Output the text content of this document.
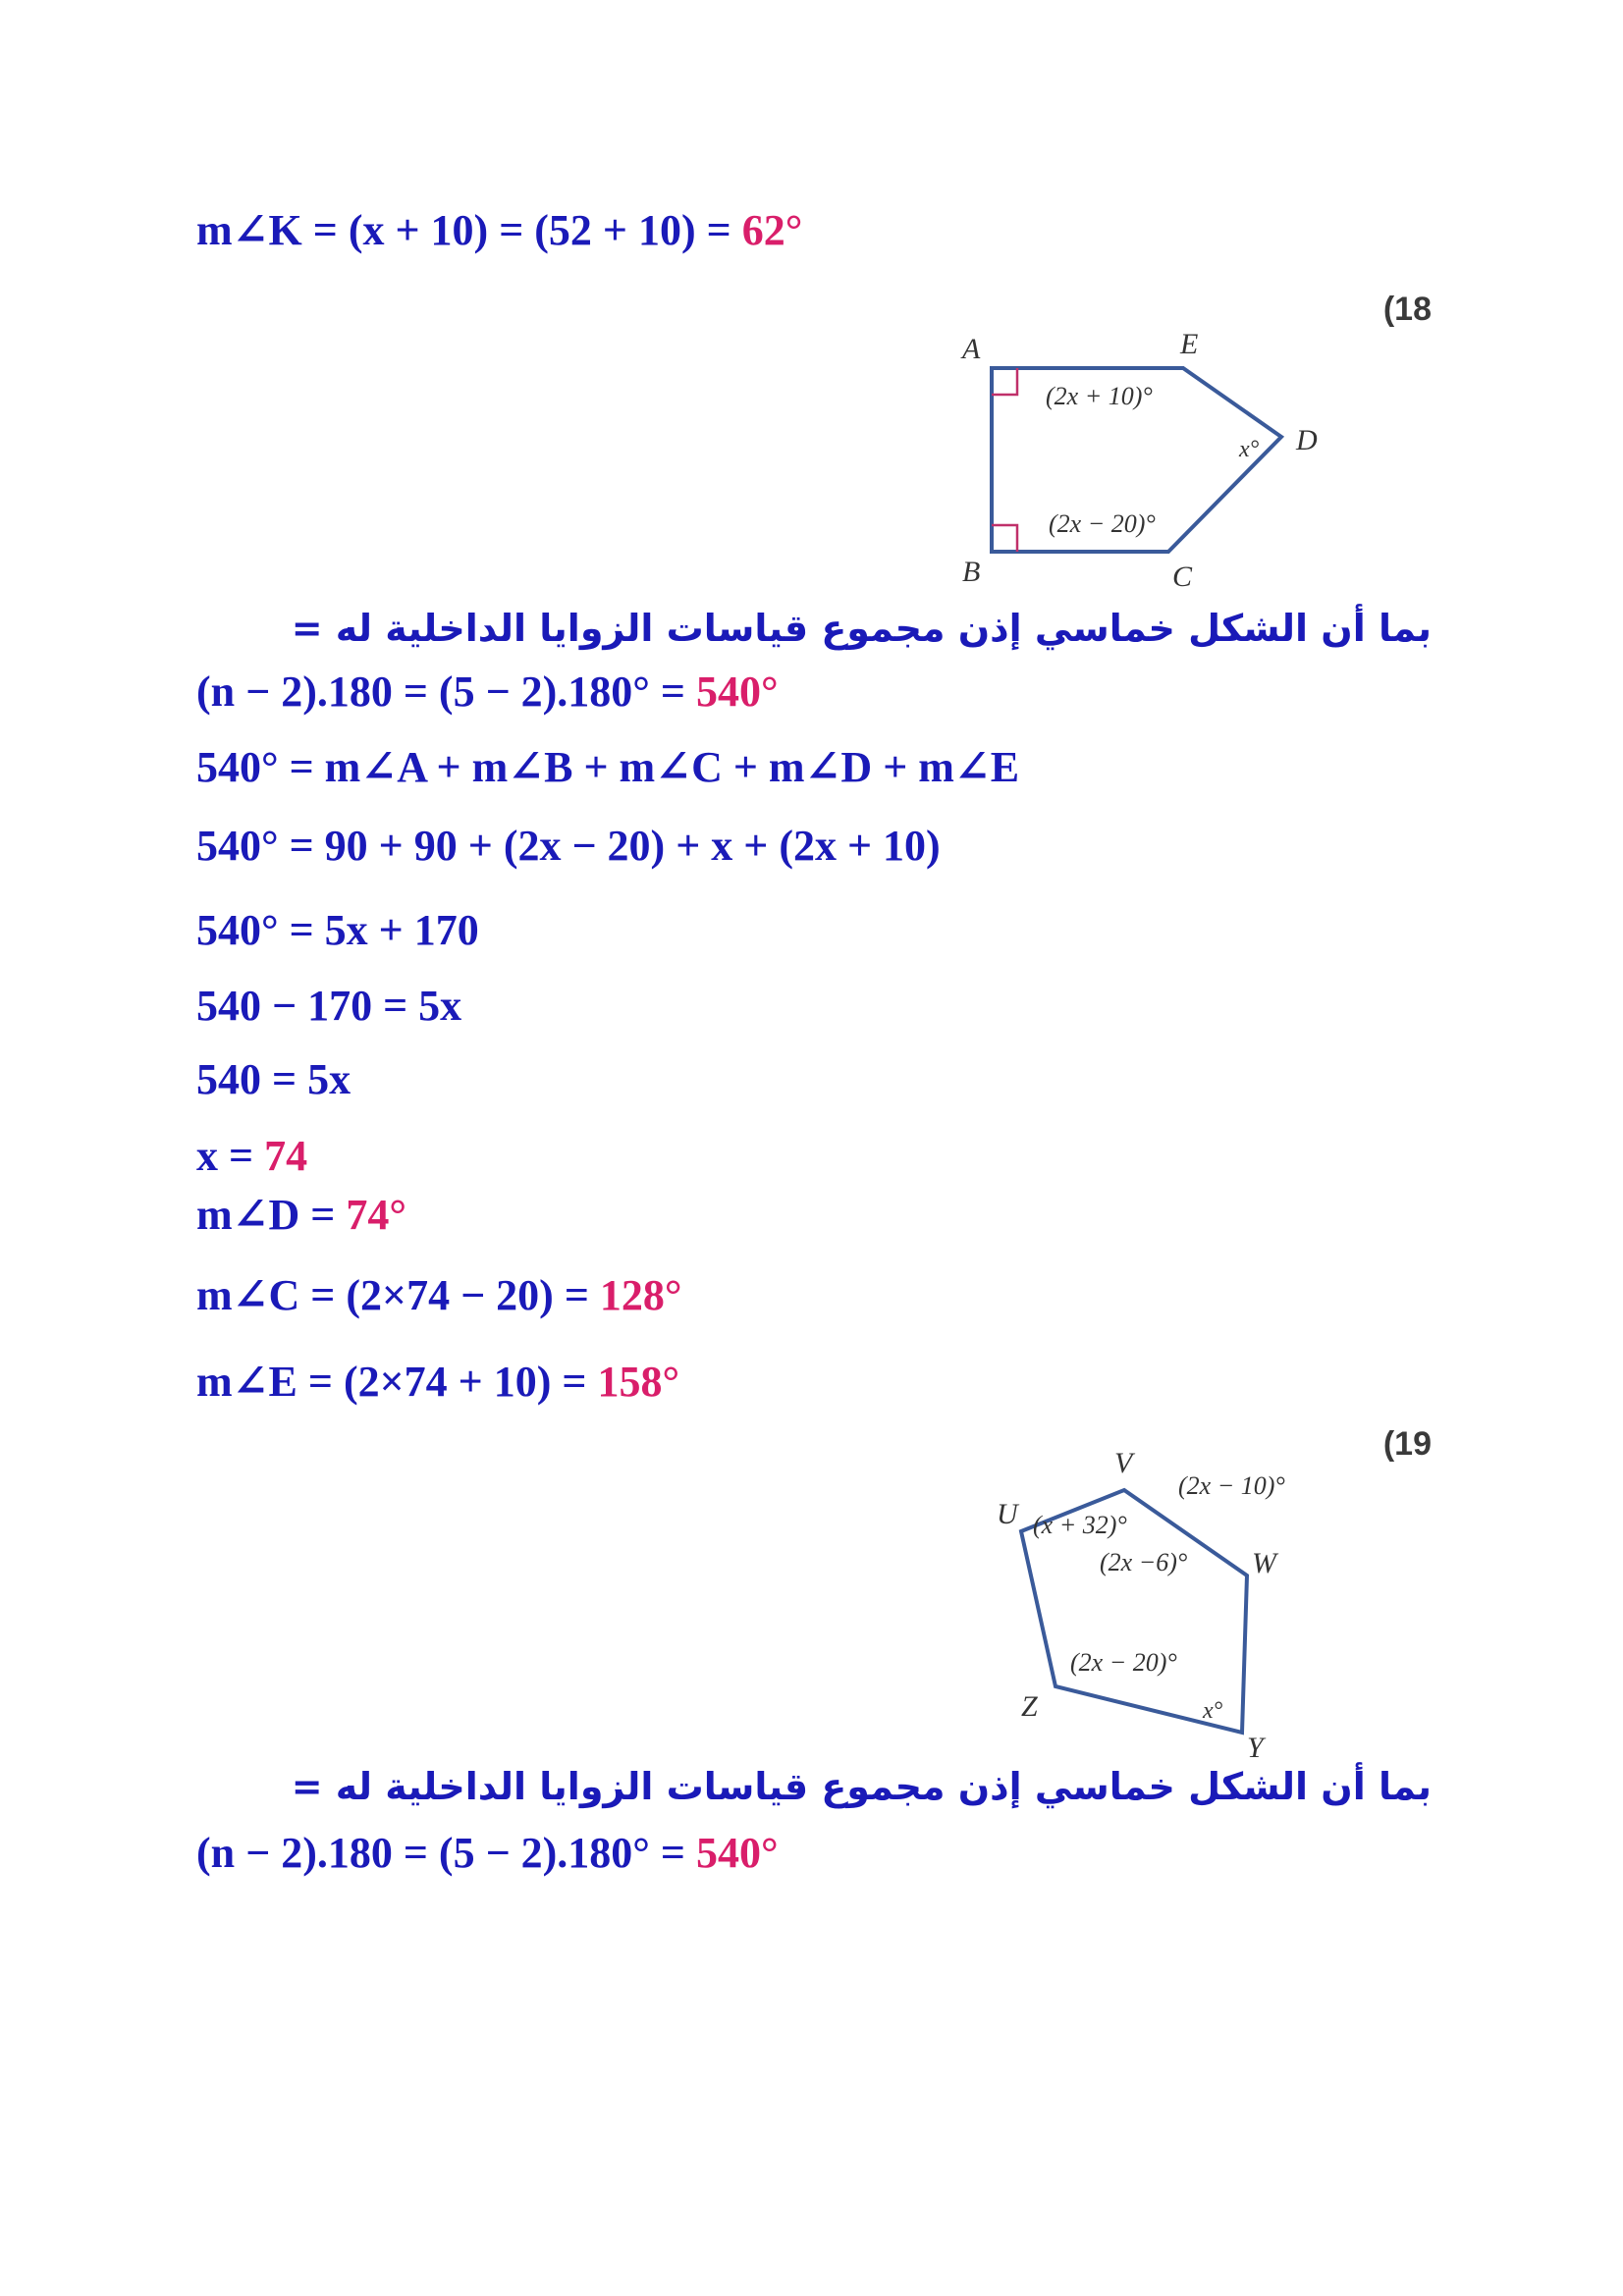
m∠K = (x + 10) = (52 + 10) = 62°
(18
A	E
D
B	C
(2x + 10)°
x°
(2x − 20)°
بما أن الشكل خماسي إذن مجموع قياسات الزوايا الداخلية له =
(n − 2).180 = (5 − 2).180° = 540°
540° = m∠A + m∠B + m∠C + m∠D + m∠E
540° = 90 + 90 + (2x − 20) + x + (2x + 10)
540° = 5x + 170
540 − 170 = 5x
540 = 5x
x = 74
m∠D = 74°
m∠C = (2×74 − 20) = 128°
m∠E = (2×74 + 10) = 158°
(19
V
U
W
Y
Z
(2x − 10)°
(x + 32)°
(2x −6)°
(2x − 20)°
x°
بما أن الشكل خماسي إذن مجموع قياسات الزوايا الداخلية له =
(n − 2).180 = (5 − 2).180° = 540°
